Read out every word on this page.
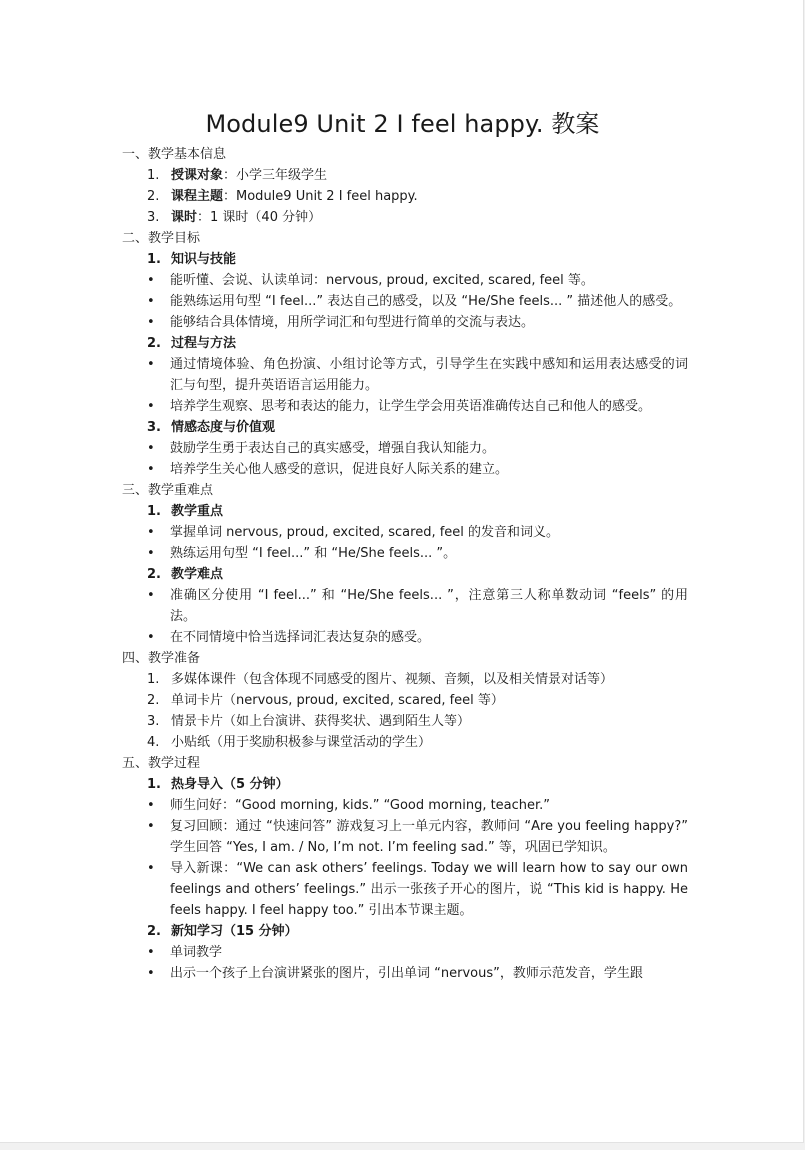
Module9 Unit 2 I feel happy. 教案
一、教学基本信息
1. 授课对象：小学三年级学生
2. 课程主题：Module9 Unit 2 I feel happy.
3. 课时：1 课时（40 分钟）
二、教学目标
1. 知识与技能
• 能听懂、会说、认读单词：nervous, proud, excited, scared, feel 等。
• 能熟练运用句型 “I feel...” 表达自己的感受，以及 “He/She feels... ” 描述他人的感受。
• 能够结合具体情境，用所学词汇和句型进行简单的交流与表达。
2. 过程与方法
• 通过情境体验、角色扮演、小组讨论等方式，引导学生在实践中感知和运用表达感受的词汇与句型，提升英语语言运用能力。
• 培养学生观察、思考和表达的能力，让学生学会用英语准确传达自己和他人的感受。
3. 情感态度与价值观
• 鼓励学生勇于表达自己的真实感受，增强自我认知能力。
• 培养学生关心他人感受的意识，促进良好人际关系的建立。
三、教学重难点
1. 教学重点
• 掌握单词 nervous, proud, excited, scared, feel 的发音和词义。
• 熟练运用句型 “I feel...” 和 “He/She feels... ”。
2. 教学难点
• 准确区分使用 “I feel...” 和 “He/She feels... ”，注意第三人称单数动词 “feels” 的用法。
• 在不同情境中恰当选择词汇表达复杂的感受。
四、教学准备
1. 多媒体课件（包含体现不同感受的图片、视频、音频，以及相关情景对话等）
2. 单词卡片（nervous, proud, excited, scared, feel 等）
3. 情景卡片（如上台演讲、获得奖状、遇到陌生人等）
4. 小贴纸（用于奖励积极参与课堂活动的学生）
五、教学过程
1. 热身导入（5 分钟）
• 师生问好：“Good morning, kids.” “Good morning, teacher.”
• 复习回顾：通过 “快速问答” 游戏复习上一单元内容，教师问 “Are you feeling happy?” 学生回答 “Yes, I am. / No, I’m not. I’m feeling sad.” 等，巩固已学知识。
• 导入新课：“We can ask others’ feelings. Today we will learn how to say our own feelings and others’ feelings.” 出示一张孩子开心的图片，说 “This kid is happy. He feels happy. I feel happy too.” 引出本节课主题。
2. 新知学习（15 分钟）
• 单词教学
• 出示一个孩子上台演讲紧张的图片，引出单词 “nervous”，教师示范发音，学生跟
